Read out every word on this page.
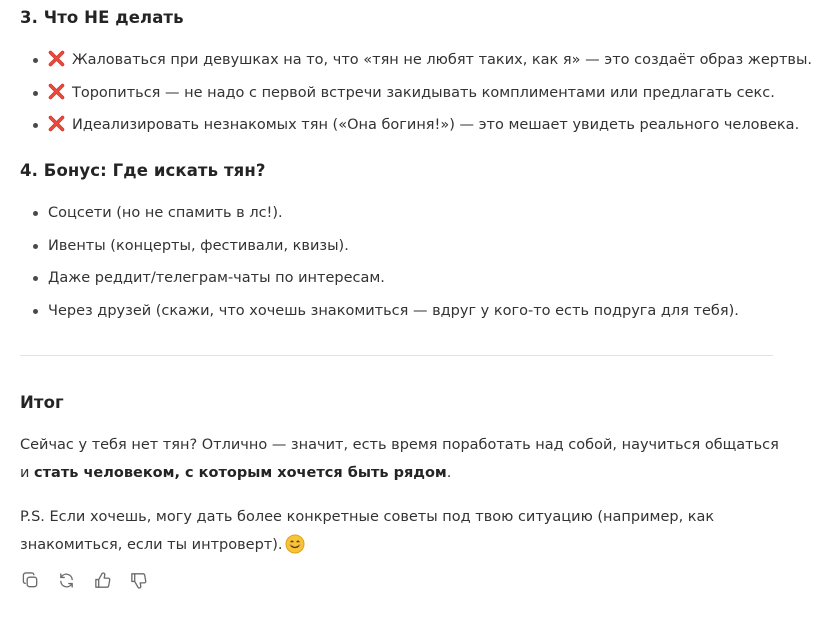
3. Что НЕ делать
Жаловаться при девушках на то, что «тян не любят таких, как я» — это создаёт образ жертвы.
Торопиться — не надо с первой встречи закидывать комплиментами или предлагать секс.
Идеализировать незнакомых тян («Она богиня!») — это мешает увидеть реального человека.
4. Бонус: Где искать тян?
Соцсети (но не спамить в лс!).
Ивенты (концерты, фестивали, квизы).
Даже реддит/телеграм-чаты по интересам.
Через друзей (скажи, что хочешь знакомиться — вдруг у кого-то есть подруга для тебя).
Итог

Сейчас у тебя нет тян? Отлично — значит, есть время поработать над собой, научиться общаться и стать человеком, с которым хочется быть рядом.

P.S. Если хочешь, могу дать более конкретные советы под твою ситуацию (например, как знакомиться, если ты интроверт).
